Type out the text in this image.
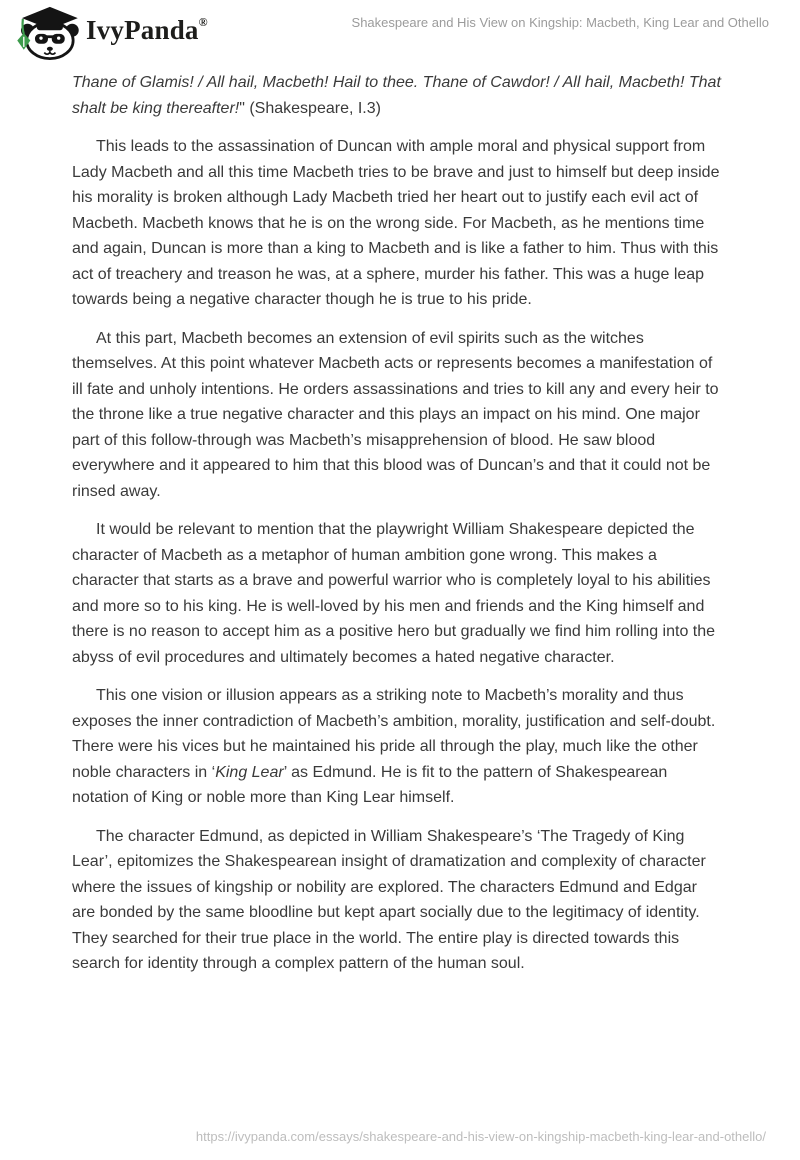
IvyPanda®	Shakespeare and His View on Kingship: Macbeth, King Lear and Othello

Thane of Glamis! / All hail, Macbeth! Hail to thee. Thane of Cawdor! / All hail, Macbeth! That shalt be king thereafter!" (Shakespeare, I.3)

This leads to the assassination of Duncan with ample moral and physical support from Lady Macbeth and all this time Macbeth tries to be brave and just to himself but deep inside his morality is broken although Lady Macbeth tried her heart out to justify each evil act of Macbeth. Macbeth knows that he is on the wrong side. For Macbeth, as he mentions time and again, Duncan is more than a king to Macbeth and is like a father to him. Thus with this act of treachery and treason he was, at a sphere, murder his father. This was a huge leap towards being a negative character though he is true to his pride.

At this part, Macbeth becomes an extension of evil spirits such as the witches themselves. At this point whatever Macbeth acts or represents becomes a manifestation of ill fate and unholy intentions. He orders assassinations and tries to kill any and every heir to the throne like a true negative character and this plays an impact on his mind. One major part of this follow-through was Macbeth’s misapprehension of blood. He saw blood everywhere and it appeared to him that this blood was of Duncan’s and that it could not be rinsed away.

It would be relevant to mention that the playwright William Shakespeare depicted the character of Macbeth as a metaphor of human ambition gone wrong. This makes a character that starts as a brave and powerful warrior who is completely loyal to his abilities and more so to his king. He is well-loved by his men and friends and the King himself and there is no reason to accept him as a positive hero but gradually we find him rolling into the abyss of evil procedures and ultimately becomes a hated negative character.

This one vision or illusion appears as a striking note to Macbeth’s morality and thus exposes the inner contradiction of Macbeth’s ambition, morality, justification and self-doubt. There were his vices but he maintained his pride all through the play, much like the other noble characters in ‘King Lear’ as Edmund. He is fit to the pattern of Shakespearean notation of King or noble more than King Lear himself.

The character Edmund, as depicted in William Shakespeare’s ‘The Tragedy of King Lear’, epitomizes the Shakespearean insight of dramatization and complexity of character where the issues of kingship or nobility are explored. The characters Edmund and Edgar are bonded by the same bloodline but kept apart socially due to the legitimacy of identity. They searched for their true place in the world. The entire play is directed towards this search for identity through a complex pattern of the human soul.

https://ivypanda.com/essays/shakespeare-and-his-view-on-kingship-macbeth-king-lear-and-othello/
